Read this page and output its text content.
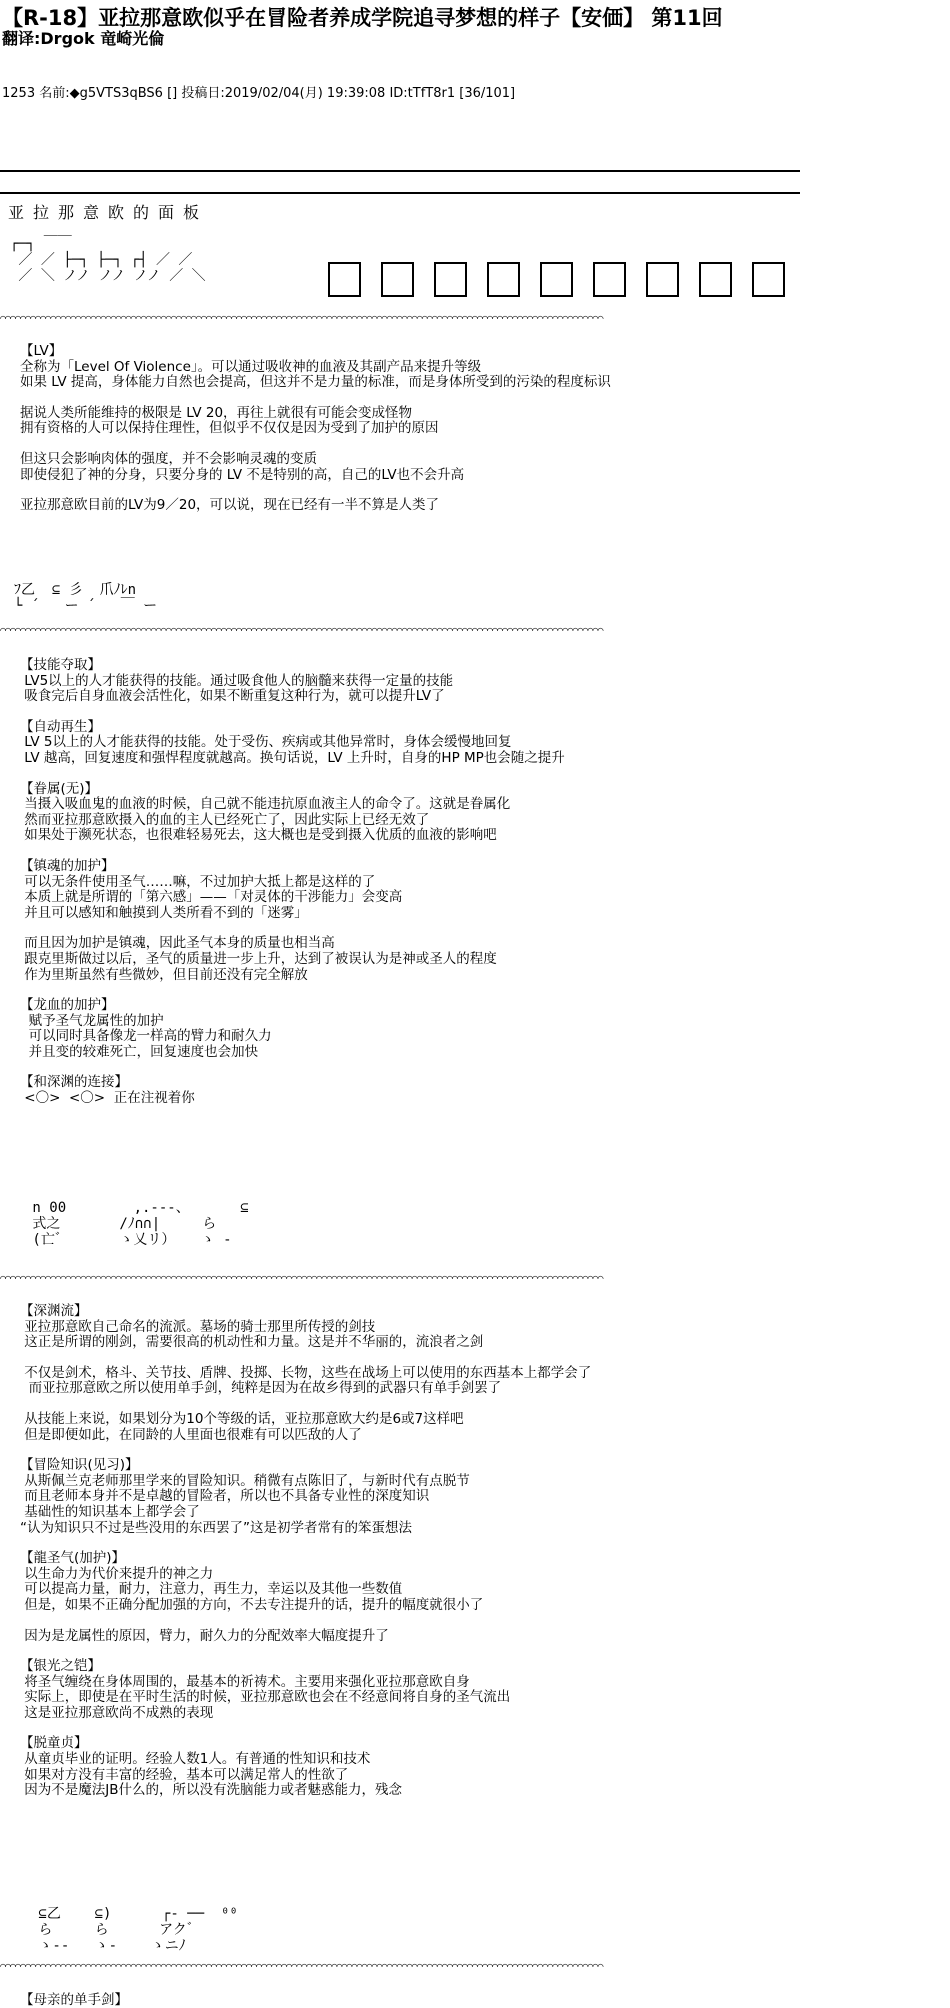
【R-18】亚拉那意欧似乎在冒险者养成学院追寻梦想的样子【安価】 第11回
翻译:Drgok 竜崎光倫
1253 名前:◆g5VTS3qBS6 [] 投稿日:2019/02/04(月) 19:39:08 ID:tTfT8r1 [36/101]
亚拉那意欧的面板
┌─┐ ￣￣
／ ／ ├─┐ ├─┐ ┌┤ ／ ／
／ ＼ ノノ ノノ ノノ ／ ＼
⌒⌒⌒⌒⌒⌒⌒⌒⌒⌒⌒⌒⌒⌒⌒⌒⌒⌒⌒⌒⌒⌒⌒⌒⌒⌒⌒⌒⌒⌒⌒⌒⌒⌒⌒⌒⌒⌒⌒⌒⌒⌒⌒⌒⌒⌒⌒⌒⌒⌒⌒⌒⌒⌒⌒⌒⌒⌒⌒⌒⌒⌒⌒⌒⌒⌒⌒⌒⌒⌒⌒⌒⌒⌒⌒⌒⌒⌒⌒⌒⌒⌒⌒⌒⌒⌒⌒⌒⌒⌒⌒⌒⌒⌒⌒⌒⌒⌒⌒⌒⌒⌒⌒⌒⌒⌒⌒⌒⌒⌒⌒⌒⌒⌒⌒⌒⌒⌒⌒⌒
【LV】
全称为「Level Of Violence」。可以通过吸收神的血液及其副产品来提升等级
如果 LV 提高，身体能力自然也会提高，但这并不是力量的标准，而是身体所受到的污染的程度标识
据说人类所能维持的极限是 LV 20，再往上就很有可能会变成怪物
拥有资格的人可以保持住理性，但似乎不仅仅是因为受到了加护的原因
但这只会影响肉体的强度，并不会影响灵魂的变质
即使侵犯了神的分身，只要分身的 LV 不是特别的高，自己的LV也不会升高
亚拉那意欧目前的LV为9／20，可以说，现在已经有一半不算是人类了
ﾌ乙  ⊆ 彡  爪ﾉﾚn
└ ´   ー ´   ￣ ー
⌒⌒⌒⌒⌒⌒⌒⌒⌒⌒⌒⌒⌒⌒⌒⌒⌒⌒⌒⌒⌒⌒⌒⌒⌒⌒⌒⌒⌒⌒⌒⌒⌒⌒⌒⌒⌒⌒⌒⌒⌒⌒⌒⌒⌒⌒⌒⌒⌒⌒⌒⌒⌒⌒⌒⌒⌒⌒⌒⌒⌒⌒⌒⌒⌒⌒⌒⌒⌒⌒⌒⌒⌒⌒⌒⌒⌒⌒⌒⌒⌒⌒⌒⌒⌒⌒⌒⌒⌒⌒⌒⌒⌒⌒⌒⌒⌒⌒⌒⌒⌒⌒⌒⌒⌒⌒⌒⌒⌒⌒⌒⌒⌒⌒⌒⌒⌒⌒⌒⌒
【技能夺取】
LV5以上的人才能获得的技能。通过吸食他人的脑髓来获得一定量的技能
吸食完后自身血液会活性化，如果不断重复这种行为，就可以提升LV了
【自动再生】
LV 5以上的人才能获得的技能。处于受伤、疾病或其他异常时，身体会缓慢地回复
LV 越高，回复速度和强悍程度就越高。换句话说，LV 上升时，自身的HP MP也会随之提升
【眷属(无)】
当摄入吸血鬼的血液的时候，自己就不能违抗原血液主人的命令了。这就是眷属化
然而亚拉那意欧摄入的血的主人已经死亡了，因此实际上已经无效了
如果处于濒死状态，也很难轻易死去，这大概也是受到摄入优质的血液的影响吧
【镇魂的加护】
可以无条件使用圣气……嘛，不过加护大抵上都是这样的了
本质上就是所谓的「第六感」——「对灵体的干涉能力」会变高
并且可以感知和触摸到人类所看不到的「迷雾」
而且因为加护是镇魂，因此圣气本身的质量也相当高
跟克里斯做过以后，圣气的质量进一步上升，达到了被误认为是神或圣人的程度
作为里斯虽然有些微妙，但目前还没有完全解放
【龙血的加护】
赋予圣气龙属性的加护
可以同时具备像龙一样高的臂力和耐久力
并且变的较难死亡，回复速度也会加快
【和深渊的连接】
<〇>  <〇>  正在注视着你
n 00        ,.-‐-、      ⊆
式之       /ﾉ∩∩|     ら
(亡゛      ゝ乂リ）   ゝ ‐
⌒⌒⌒⌒⌒⌒⌒⌒⌒⌒⌒⌒⌒⌒⌒⌒⌒⌒⌒⌒⌒⌒⌒⌒⌒⌒⌒⌒⌒⌒⌒⌒⌒⌒⌒⌒⌒⌒⌒⌒⌒⌒⌒⌒⌒⌒⌒⌒⌒⌒⌒⌒⌒⌒⌒⌒⌒⌒⌒⌒⌒⌒⌒⌒⌒⌒⌒⌒⌒⌒⌒⌒⌒⌒⌒⌒⌒⌒⌒⌒⌒⌒⌒⌒⌒⌒⌒⌒⌒⌒⌒⌒⌒⌒⌒⌒⌒⌒⌒⌒⌒⌒⌒⌒⌒⌒⌒⌒⌒⌒⌒⌒⌒⌒⌒⌒⌒⌒⌒⌒
【深渊流】
亚拉那意欧自己命名的流派。墓场的骑士那里所传授的剑技
这正是所谓的刚剑，需要很高的机动性和力量。这是并不华丽的，流浪者之剑
不仅是剑术，格斗、关节技、盾牌、投掷、长物，这些在战场上可以使用的东西基本上都学会了
而亚拉那意欧之所以使用单手剑，纯粹是因为在故乡得到的武器只有单手剑罢了
从技能上来说，如果划分为10个等级的话，亚拉那意欧大约是6或7这样吧
但是即便如此，在同龄的人里面也很难有可以匹敌的人了
【冒险知识(见习)】
从斯佩兰克老师那里学来的冒险知识。稍微有点陈旧了，与新时代有点脱节
而且老师本身并不是卓越的冒险者，所以也不具备专业性的深度知识
基础性的知识基本上都学会了
“认为知识只不过是些没用的东西罢了”这是初学者常有的笨蛋想法
【龍圣气(加护)】
以生命力为代价来提升的神之力
可以提高力量，耐力，注意力，再生力，幸运以及其他一些数值
但是，如果不正确分配加强的方向，不去专注提升的话，提升的幅度就很小了
因为是龙属性的原因，臂力，耐久力的分配效率大幅度提升了
【银光之铠】
将圣气缠绕在身体周围的，最基本的祈祷术。主要用来强化亚拉那意欧自身
实际上，即使是在平时生活的时候，亚拉那意欧也会在不经意间将自身的圣气流出
这是亚拉那意欧尚不成熟的表现
【脱童贞】
从童贞毕业的证明。经验人数1人。有普通的性知识和技术
如果对方没有丰富的经验，基本可以满足常人的性欲了
因为不是魔法JB什么的，所以没有洗脑能力或者魅惑能力，残念
⊆乙    ⊆)      ┌‐ ──  ⁰⁰
ら     ら      アク゛
ゝ-‐   ゝ‐    ゝニﾉ
⌒⌒⌒⌒⌒⌒⌒⌒⌒⌒⌒⌒⌒⌒⌒⌒⌒⌒⌒⌒⌒⌒⌒⌒⌒⌒⌒⌒⌒⌒⌒⌒⌒⌒⌒⌒⌒⌒⌒⌒⌒⌒⌒⌒⌒⌒⌒⌒⌒⌒⌒⌒⌒⌒⌒⌒⌒⌒⌒⌒⌒⌒⌒⌒⌒⌒⌒⌒⌒⌒⌒⌒⌒⌒⌒⌒⌒⌒⌒⌒⌒⌒⌒⌒⌒⌒⌒⌒⌒⌒⌒⌒⌒⌒⌒⌒⌒⌒⌒⌒⌒⌒⌒⌒⌒⌒⌒⌒⌒⌒⌒⌒⌒⌒⌒⌒⌒⌒⌒⌒
【母亲的单手剑】
